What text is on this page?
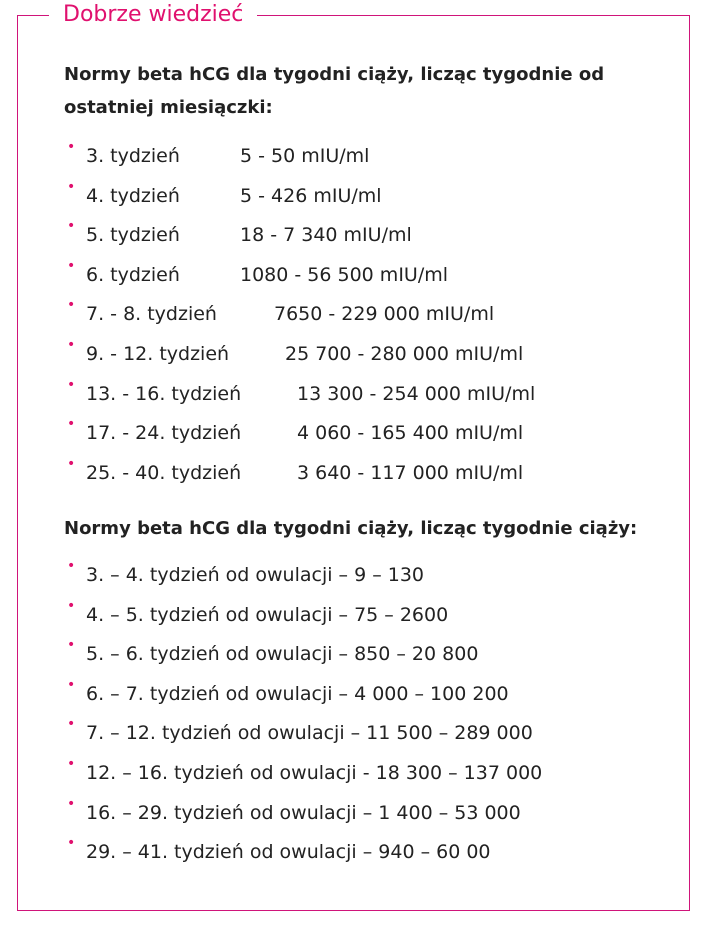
Dobrze wiedzieć

Normy beta hCG dla tygodni ciąży, licząc tygodnie od ostatniej miesiączki:

• 3. tydzień	5 - 50 mIU/ml
• 4. tydzień	5 - 426 mIU/ml
• 5. tydzień	18 - 7 340 mIU/ml
• 6. tydzień	1080 - 56 500 mIU/ml
• 7. - 8. tydzień	7650 - 229 000 mIU/ml
• 9. - 12. tydzień	25 700 - 280 000 mIU/ml
• 13. - 16. tydzień	13 300 - 254 000 mIU/ml
• 17. - 24. tydzień	4 060 - 165 400 mIU/ml
• 25. - 40. tydzień	3 640 - 117 000 mIU/ml

Normy beta hCG dla tygodni ciąży, licząc tygodnie ciąży:

• 3. – 4. tydzień od owulacji – 9 – 130
• 4. – 5. tydzień od owulacji – 75 – 2600
• 5. – 6. tydzień od owulacji – 850 – 20 800
• 6. – 7. tydzień od owulacji – 4 000 – 100 200
• 7. – 12. tydzień od owulacji – 11 500 – 289 000
• 12. – 16. tydzień od owulacji - 18 300 – 137 000
• 16. – 29. tydzień od owulacji – 1 400 – 53 000
• 29. – 41. tydzień od owulacji – 940 – 60 00
